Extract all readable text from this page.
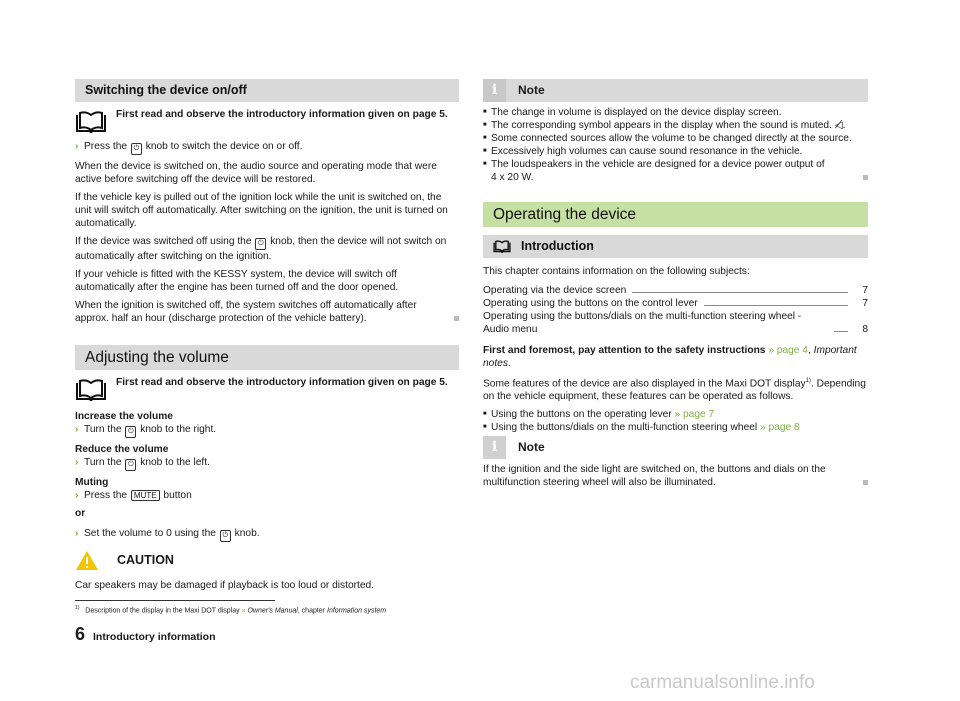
Switching the device on/off
First read and observe the introductory information given on page 5.

› Press the ⏻ knob to switch the device on or off.

When the device is switched on, the audio source and operating mode that were active before switching off the device will be restored.

If the vehicle key is pulled out of the ignition lock while the unit is switched on, the unit will switch off automatically. After switching on the ignition, the unit is turned on automatically.

If the device was switched off using the ⏻ knob, then the device will not switch on automatically after switching on the ignition.

If your vehicle is fitted with the KESSY system, the device will switch off automatically after the engine has been turned off and the door opened.

When the ignition is switched off, the system switches off automatically after approx. half an hour (discharge protection of the vehicle battery).

Adjusting the volume
First read and observe the introductory information given on page 5.

Increase the volume

› Turn the ⏻ knob to the right.

Reduce the volume

› Turn the ⏻ knob to the left.

Muting

› Press the MUTE button

or

› Set the volume to 0 using the ⏻ knob.

CAUTION

Car speakers may be damaged if playback is too loud or distorted.

i	Note

■ The change in volume is displayed on the device display screen.

■ The corresponding symbol appears in the display when the sound is muted. ◁̸.

■ Some connected sources allow the volume to be changed directly at the source.

■ Excessively high volumes can cause sound resonance in the vehicle.

■ The loudspeakers in the vehicle are designed for a device power output of 4 x 20 W.

Operating the device
Introduction

This chapter contains information on the following subjects:

Operating via the device screen	7
Operating using the buttons on the control lever	7
Operating using the buttons/dials on the multi-function steering wheel - Audio menu	8

First and foremost, pay attention to the safety instructions » page 4, Important notes.

Some features of the device are also displayed in the Maxi DOT display$^{1)}$. Depending on the vehicle equipment, these features can be operated as follows.

■ Using the buttons on the operating lever » page 7

■ Using the buttons/dials on the multi-function steering wheel » page 8

i	Note

If the ignition and the side light are switched on, the buttons and dials on the multifunction steering wheel will also be illuminated.

$^{1)}$ Description of the display in the Maxi DOT display » Owner's Manual, chapter Information system
6 Introductory information
carmanualsonline.info
